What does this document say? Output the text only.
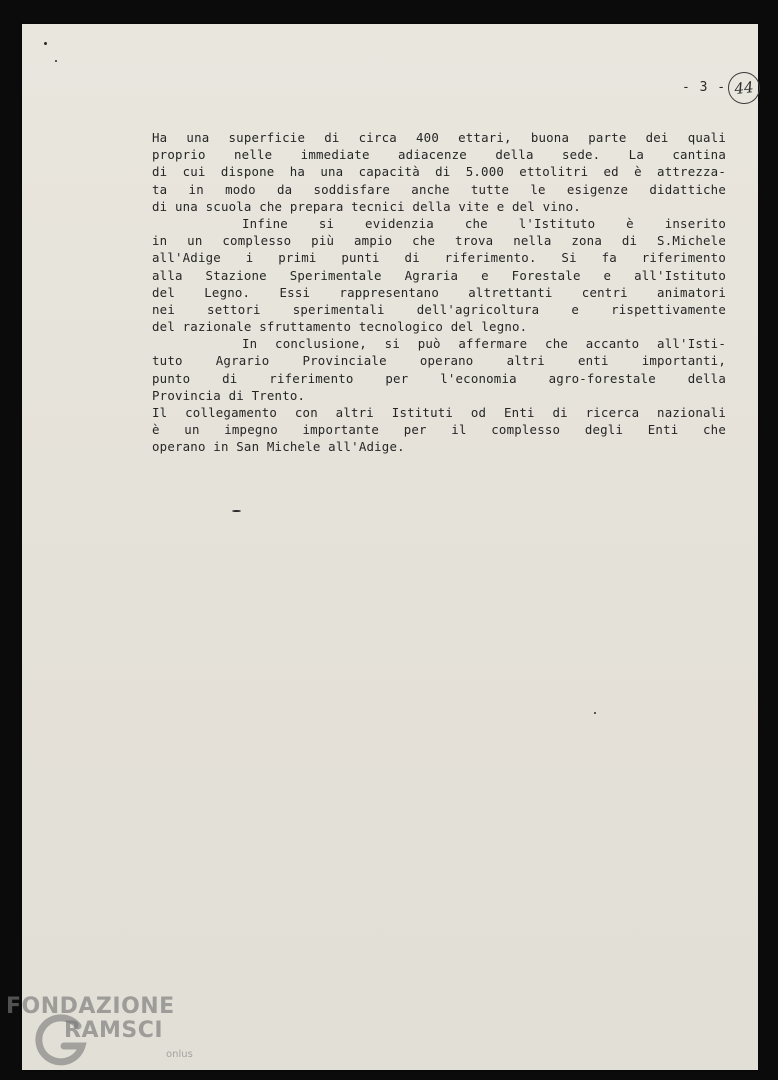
- 3 - 44
Ha una superficie di circa 400 ettari, buona parte dei quali
proprio nelle immediate adiacenze della sede. La cantina
di cui dispone ha una capacità di 5.000 ettolitri ed è attrezza-
ta in modo da soddisfare anche tutte le esigenze didattiche
di una scuola che prepara tecnici della vite e del vino.
Infine si evidenzia che l'Istituto è inserito
in un complesso più ampio che trova nella zona di S.Michele
all'Adige i primi punti di riferimento. Si fa riferimento
alla Stazione Sperimentale Agraria e Forestale e all'Istituto
del Legno. Essi rappresentano altrettanti centri animatori
nei settori sperimentali dell'agricoltura e rispettivamente
del razionale sfruttamento tecnologico del legno.
In conclusione, si può affermare che accanto all'Isti-
tuto Agrario Provinciale operano altri enti importanti,
punto di riferimento per l'economia agro-forestale della
Provincia di Trento.
Il collegamento con altri Istituti od Enti di ricerca nazionali
è un impegno importante per il complesso degli Enti che
operano in San Michele all'Adige.
FONDAZIONE
RAMSCI
onlus
